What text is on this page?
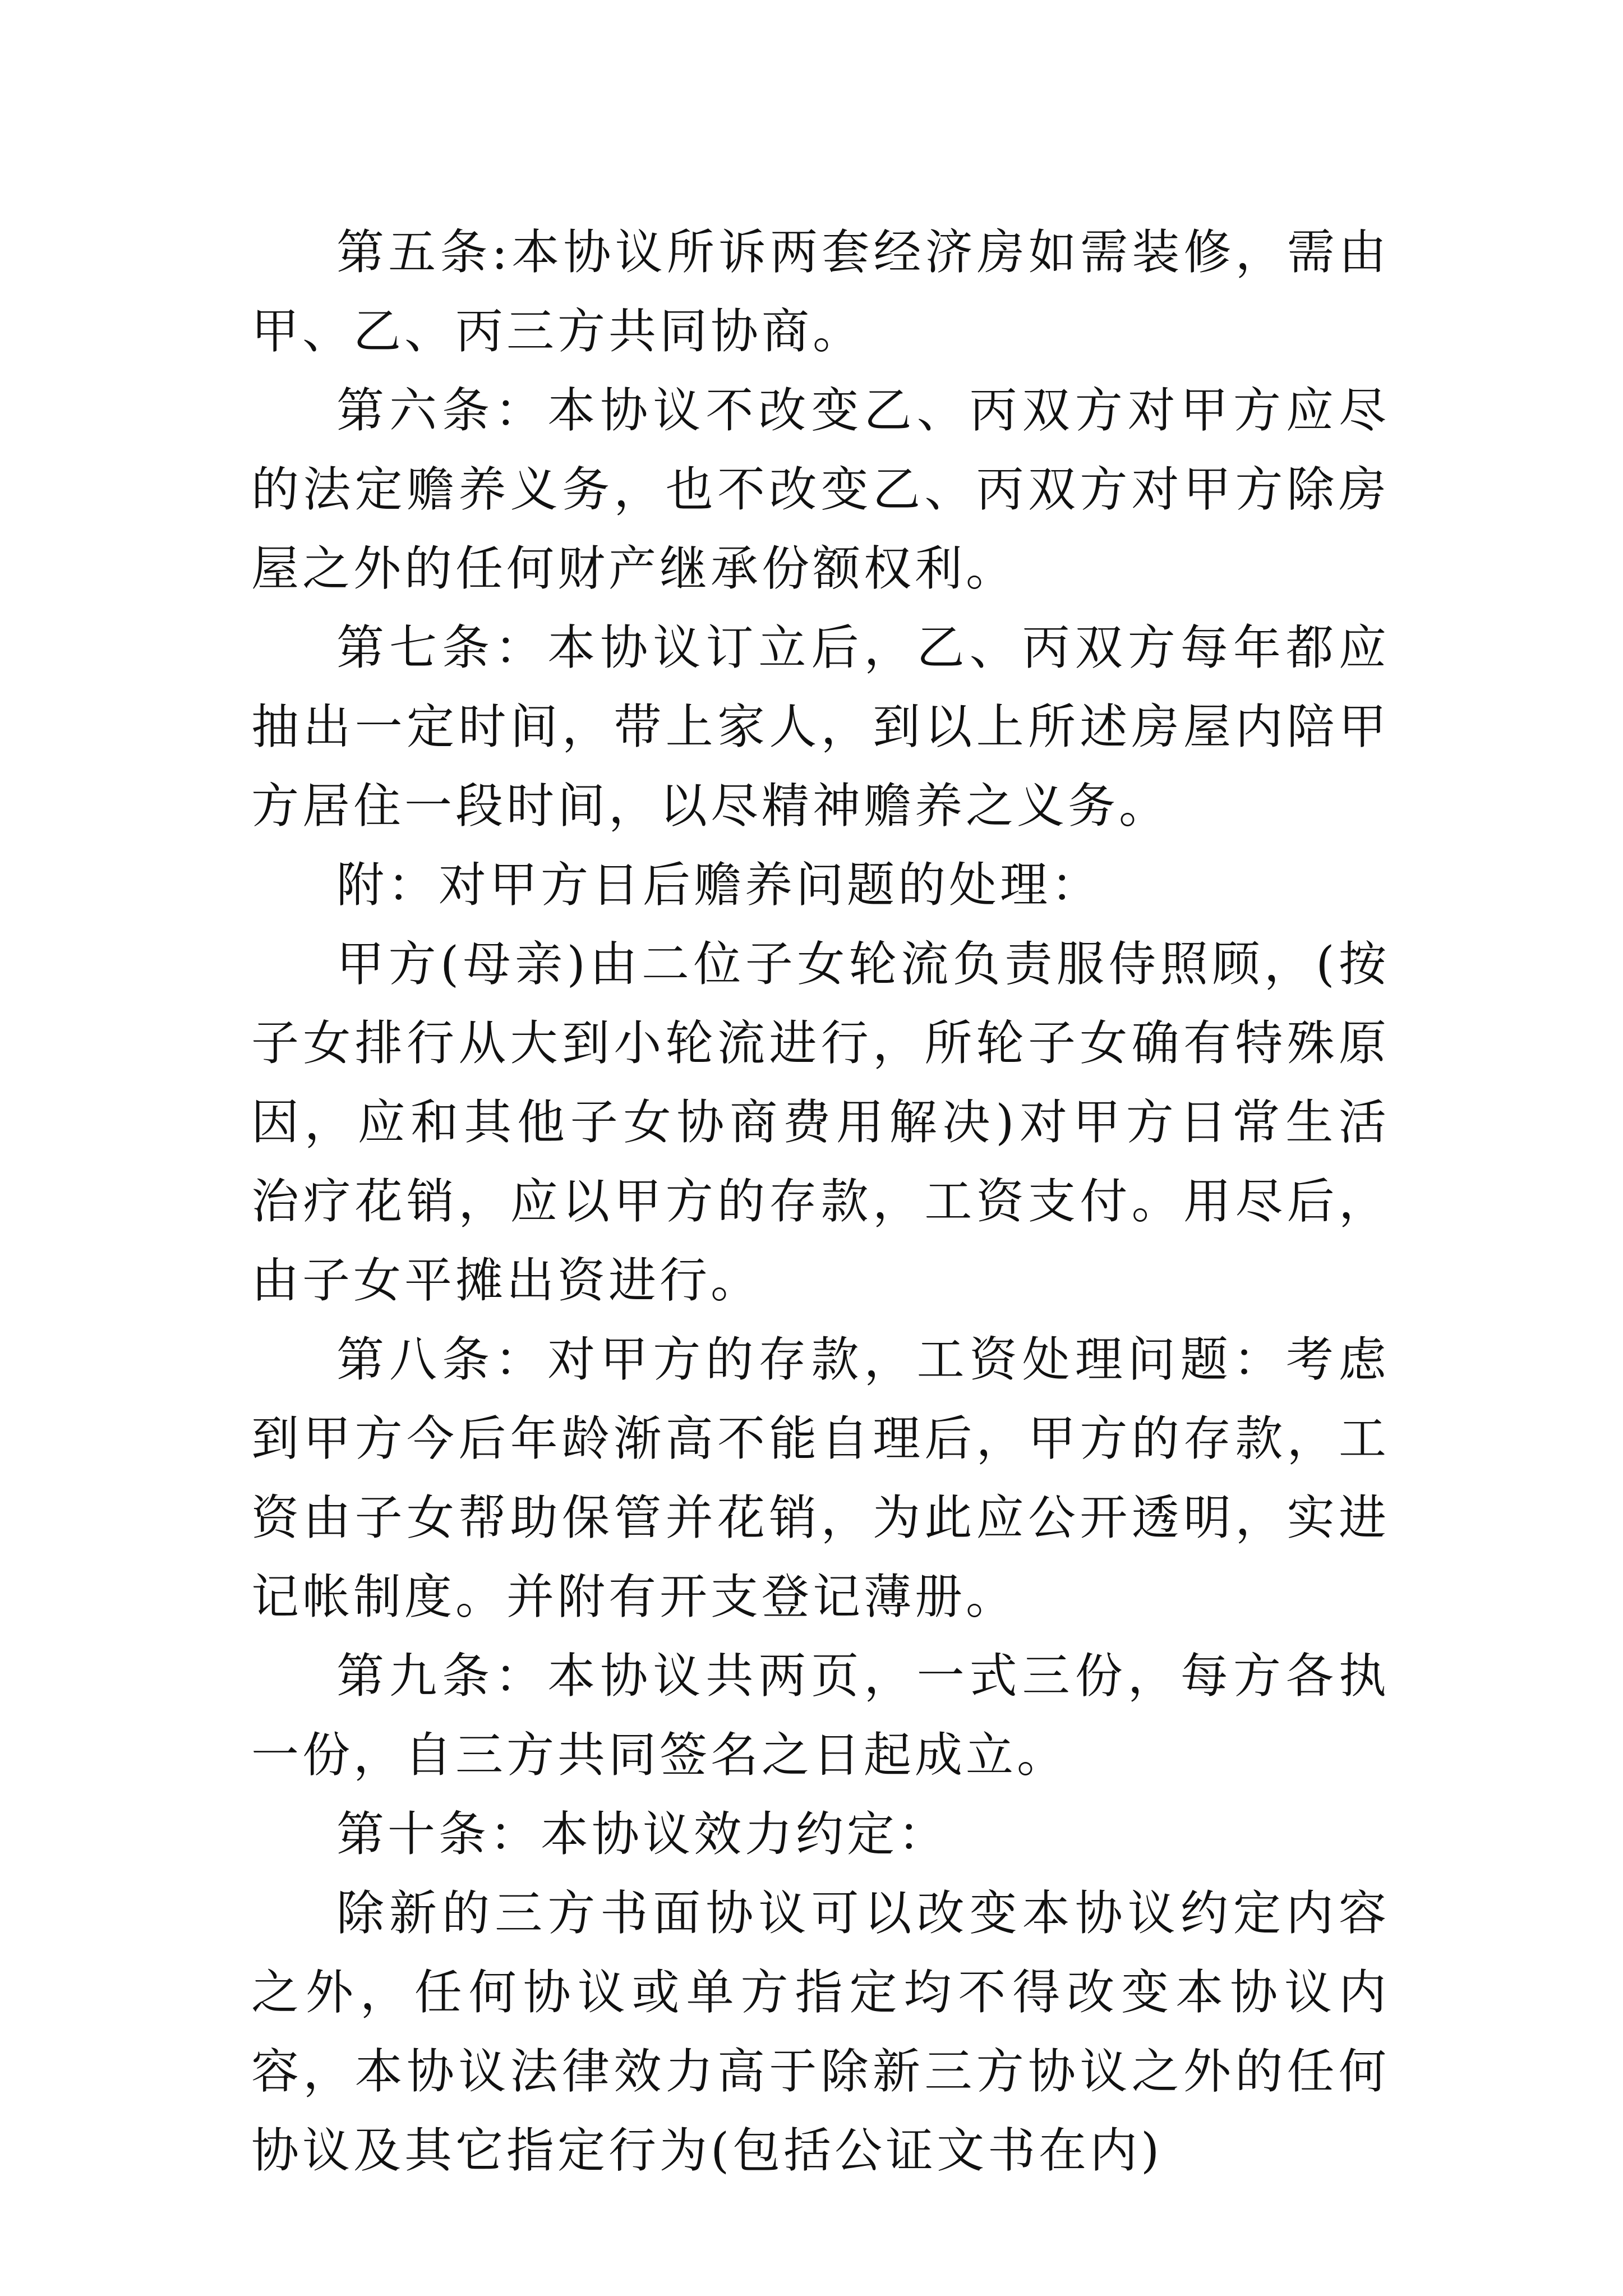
第五条:本协议所诉两套经济房如需装修，需由甲、乙、丙三方共同协商。

第六条：本协议不改变乙、丙双方对甲方应尽的法定赡养义务，也不改变乙、丙双方对甲方除房屋之外的任何财产继承份额权利。

第七条：本协议订立后，乙、丙双方每年都应抽出一定时间，带上家人，到以上所述房屋内陪甲方居住一段时间，以尽精神赡养之义务。

附：对甲方日后赡养问题的处理：

甲方(母亲)由二位子女轮流负责服侍照顾，(按子女排行从大到小轮流进行，所轮子女确有特殊原因，应和其他子女协商费用解决)对甲方日常生活治疗花销，应以甲方的存款，工资支付。用尽后，由子女平摊出资进行。

第八条：对甲方的存款，工资处理问题：考虑到甲方今后年龄渐高不能自理后，甲方的存款，工资由子女帮助保管并花销，为此应公开透明，实进记帐制度。并附有开支登记薄册。

第九条：本协议共两页，一式三份，每方各执一份，自三方共同签名之日起成立。

第十条：本协议效力约定：

除新的三方书面协议可以改变本协议约定内容之外，任何协议或单方指定均不得改变本协议内容，本协议法律效力高于除新三方协议之外的任何协议及其它指定行为(包括公证文书在内)
